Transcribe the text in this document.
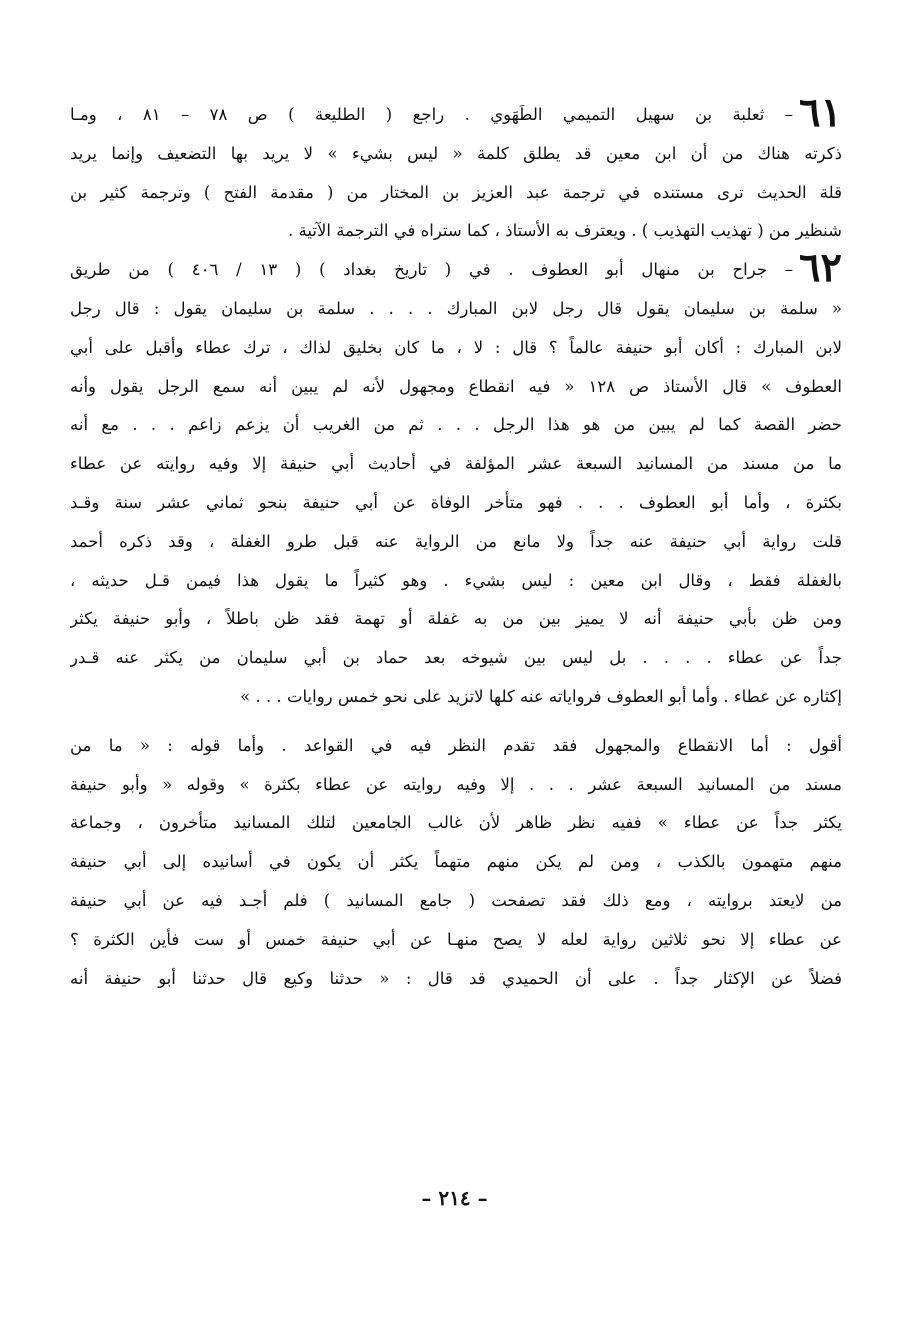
٦١– ثعلبة بن سهيل التميمي الطَهَوي . راجع ( الطليعة ) ص ٧٨ – ٨١ ، ومـا
ذكرته هناك من أن ابن معين قد يطلق كلمة « ليس بشيء » لا يريد بها التضعيف وإنما يريد
قلة الحديث ترى مستنده في ترجمة عبد العزيز بن المختار من ( مقدمة الفتح ) وترجمة كثير بن
شنظير من ( تهذيب التهذيب ) . ويعترف به الأستاذ ، كما ستراه في الترجمة الآتية .
٦٢– جراح بن منهال أبو العطوف . في ( تاريخ بغداد ) ( ١٣ / ٤٠٦ ) من طريق
« سلمة بن سليمان يقول قال رجل لابن المبارك . . . . سلمة بن سليمان يقول : قال رجل
لابن المبارك : أكان أبو حنيفة عالماً ؟ قال : لا ، ما كان بخليق لذاك ، ترك عطاء وأقبل على أبي
العطوف » قال الأستاذ ص ١٢٨ « فيه انقطاع ومجهول لأنه لم يبين أنه سمع الرجل يقول وأنه
حضر القصة كما لم يبين من هو هذا الرجل . . . ثم من الغريب أن يزعم زاعم . . . مع أنه
ما من مسند من المسانيد السبعة عشر المؤلفة في أحاديث أبي حنيفة إلا وفيه روايته عن عطاء
بكثرة ، وأما أبو العطوف . . . فهو متأخر الوفاة عن أبي حنيفة بنحو ثماني عشر سنة وقـد
قلت رواية أبي حنيفة عنه جداً ولا مانع من الرواية عنه قبل طرو الغفلة ، وقد ذكره أحمد
بالغفلة فقط ، وقال ابن معين : ليس بشيء . وهو كثيراً ما يقول هذا فيمن قـل حديثه ،
ومن ظن بأبي حنيفة أنه لا يميز بين من به غفلة أو تهمة فقد ظن باطلاً ، وأبو حنيفة يكثر
جداً عن عطاء . . . . بل ليس بين شيوخه بعد حماد بن أبي سليمان من يكثر عنه قـدر
إكثاره عن عطاء . وأما أبو العطوف فرواياته عنه كلها لاتزيد على نحو خمس روايات . . . »
أقول : أما الانقطاع والمجهول فقد تقدم النظر فيه في القواعد . وأما قوله : « ما من
مسند من المسانيد السبعة عشر . . . إلا وفيه روايته عن عطاء بكثرة » وقوله « وأبو حنيفة
يكثر جداً عن عطاء » ففيه نظر ظاهر لأن غالب الجامعين لتلك المسانيد متأخرون ، وجماعة
منهم متهمون بالكذب ، ومن لم يكن منهم متهماً يكثر أن يكون في أسانيده إلى أبي حنيفة
من لايعتد بروايته ، ومع ذلك فقد تصفحت ( جامع المسانيد ) فلم أجـد فيه عن أبي حنيفة
عن عطاء إلا نحو ثلاثين رواية لعله لا يصح منهـا عن أبي حنيفة خمس أو ست فأين الكثرة ؟
فضلاً عن الإكثار جداً . على أن الحميدي قد قال : « حدثنا وكيع قال حدثنا أبو حنيفة أنه
– ٢١٤ –
